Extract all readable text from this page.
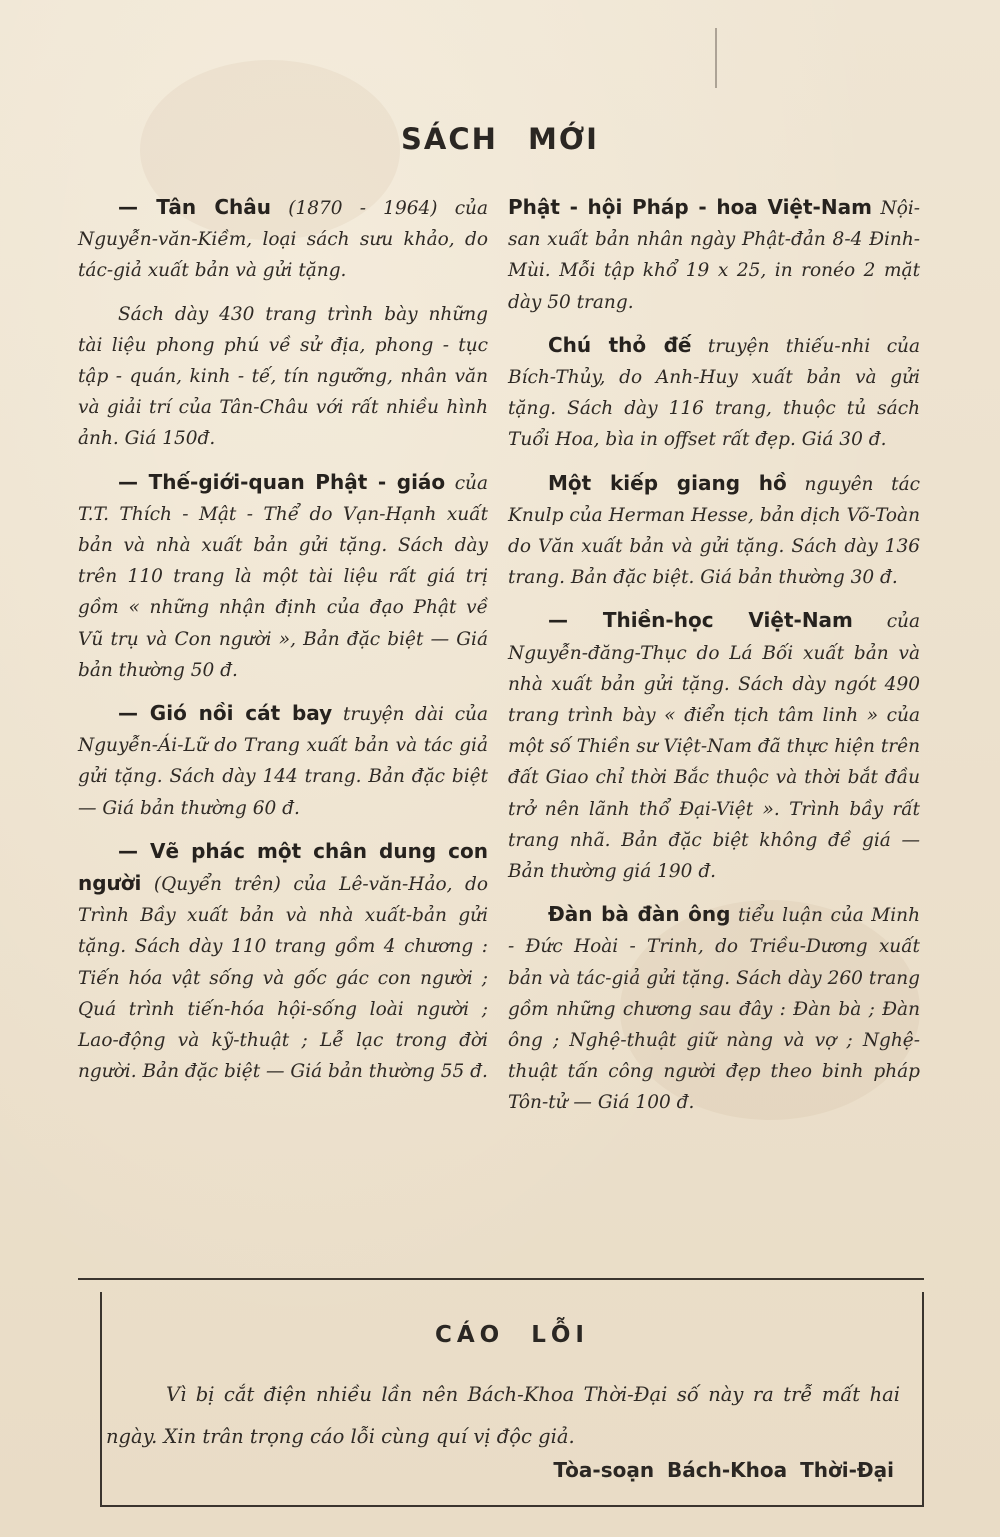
SÁCH MỚI

— Tân Châu (1870 - 1964) của Nguyễn-văn-Kiềm, loại sách sưu khảo, do tác-giả xuất bản và gửi tặng.

Sách dày 430 trang trình bày những tài liệu phong phú về sử địa, phong - tục tập - quán, kinh - tế, tín ngưỡng, nhân văn và giải trí của Tân-Châu với rất nhiều hình ảnh. Giá 150đ.

— Thế-giới-quan Phật - giáo của T.T. Thích - Mật - Thể do Vạn-Hạnh xuất bản và nhà xuất bản gửi tặng. Sách dày trên 110 trang là một tài liệu rất giá trị gồm « những nhận định của đạo Phật về Vũ trụ và Con người », Bản đặc biệt — Giá bản thường 50 đ.

— Gió nồi cát bay truyện dài của Nguyễn-Ái-Lữ do Trang xuất bản và tác giả gửi tặng. Sách dày 144 trang. Bản đặc biệt — Giá bản thường 60 đ.

— Vẽ phác một chân dung con người (Quyển trên) của Lê-văn-Hảo, do Trình Bầy xuất bản và nhà xuất-bản gửi tặng. Sách dày 110 trang gồm 4 chương : Tiến hóa vật sống và gốc gác con người ; Quá trình tiến-hóa hội-sống loài người ; Lao-động và kỹ-thuật ; Lễ lạc trong đời người. Bản đặc biệt — Giá bản thường 55 đ.

Phật - hội Pháp - hoa Việt-Nam Nội-san xuất bản nhân ngày Phật-đản 8-4 Đinh-Mùi. Mỗi tập khổ 19 x 25, in ronéo 2 mặt dày 50 trang.

Chú thỏ đế truyện thiếu-nhi của Bích-Thủy, do Anh-Huy xuất bản và gửi tặng. Sách dày 116 trang, thuộc tủ sách Tuổi Hoa, bìa in offset rất đẹp. Giá 30 đ.

Một kiếp giang hồ nguyên tác Knulp của Herman Hesse, bản dịch Võ-Toàn do Văn xuất bản và gửi tặng. Sách dày 136 trang. Bản đặc biệt. Giá bản thường 30 đ.

— Thiền-học Việt-Nam của Nguyễn-đăng-Thục do Lá Bối xuất bản và nhà xuất bản gửi tặng. Sách dày ngót 490 trang trình bày « điển tịch tâm linh » của một số Thiền sư Việt-Nam đã thực hiện trên đất Giao chỉ thời Bắc thuộc và thời bắt đầu trở nên lãnh thổ Đại-Việt ». Trình bầy rất trang nhã. Bản đặc biệt không đề giá — Bản thường giá 190 đ.

Đàn bà đàn ông tiểu luận của Minh - Đức Hoài - Trinh, do Triều-Dương xuất bản và tác-giả gửi tặng. Sách dày 260 trang gồm những chương sau đây : Đàn bà ; Đàn ông ; Nghệ-thuật giữ nàng và vợ ; Nghệ-thuật tấn công người đẹp theo binh pháp Tôn-tử — Giá 100 đ.

CÁO LỖI
Vì bị cắt điện nhiều lần nên Bách-Khoa Thời-Đại số này ra trễ mất hai ngày. Xin trân trọng cáo lỗi cùng quí vị độc giả.
Tòa-soạn Bách-Khoa Thời-Đại
